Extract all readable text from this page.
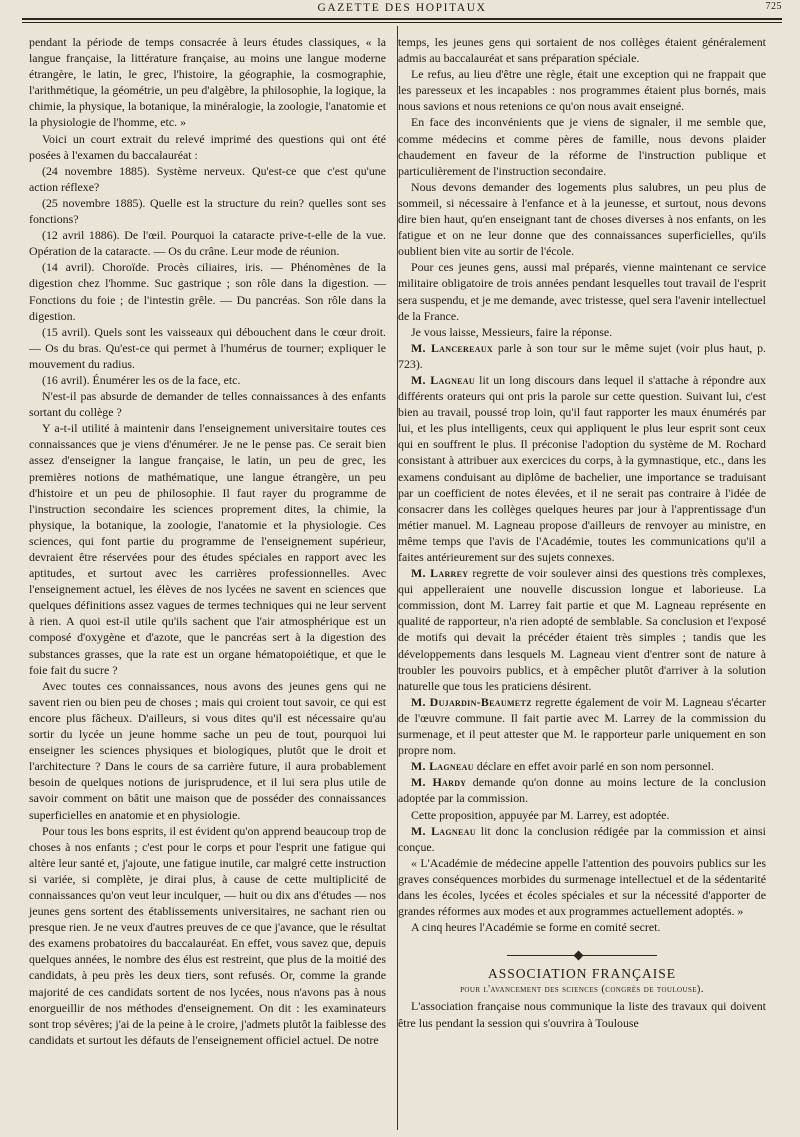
GAZETTE DES HOPITAUX	725

pendant la période de temps consacrée à leurs études classiques, « la langue française, la littérature française, au moins une langue moderne étrangère, le latin, le grec, l'histoire, la géographie, la cosmographie, l'arithmétique, la géométrie, un peu d'algèbre, la philosophie, la logique, la chimie, la physique, la botanique, la minéralogie, la zoologie, l'anatomie et la physiologie de l'homme, etc. »

Voici un court extrait du relevé imprimé des questions qui ont été posées à l'examen du baccalauréat :

(24 novembre 1885). Système nerveux. Qu'est-ce que c'est qu'une action réflexe?

(25 novembre 1885). Quelle est la structure du rein? quelles sont ses fonctions?

(12 avril 1886). De l'œil. Pourquoi la cataracte prive-t-elle de la vue. Opération de la cataracte. — Os du crâne. Leur mode de réunion.

(14 avril). Choroïde. Procès ciliaires, iris. — Phénomènes de la digestion chez l'homme. Suc gastrique ; son rôle dans la digestion. — Fonctions du foie ; de l'intestin grêle. — Du pancréas. Son rôle dans la digestion.

(15 avril). Quels sont les vaisseaux qui débouchent dans le cœur droit. — Os du bras. Qu'est-ce qui permet à l'humérus de tourner; expliquer le mouvement du radius.

(16 avril). Énumérer les os de la face, etc.

N'est-il pas absurde de demander de telles connaissances à des enfants sortant du collège ?

Y a-t-il utilité à maintenir dans l'enseignement universitaire toutes ces connaissances que je viens d'énumérer. Je ne le pense pas. Ce serait bien assez d'enseigner la langue française, le latin, un peu de grec, les premières notions de mathématique, une langue étrangère, un peu d'histoire et un peu de philosophie. Il faut rayer du programme de l'instruction secondaire les sciences proprement dites, la chimie, la physique, la botanique, la zoologie, l'anatomie et la physiologie. Ces sciences, qui font partie du programme de l'enseignement supérieur, devraient être réservées pour des études spéciales en rapport avec les aptitudes, et surtout avec les carrières professionnelles. Avec l'enseignement actuel, les élèves de nos lycées ne savent en sciences que quelques définitions assez vagues de termes techniques qui ne leur servent à rien. A quoi est-il utile qu'ils sachent que l'air atmosphérique est un composé d'oxygène et d'azote, que le pancréas sert à la digestion des substances grasses, que la rate est un organe hématopoiétique, et que le foie fait du sucre ?

Avec toutes ces connaissances, nous avons des jeunes gens qui ne savent rien ou bien peu de choses ; mais qui croient tout savoir, ce qui est encore plus fâcheux. D'ailleurs, si vous dites qu'il est nécessaire qu'au sortir du lycée un jeune homme sache un peu de tout, pourquoi lui enseigner les sciences physiques et biologiques, plutôt que le droit et l'architecture ? Dans le cours de sa carrière future, il aura probablement besoin de quelques notions de jurisprudence, et il lui sera plus utile de savoir comment on bâtit une maison que de posséder des connaissances superficielles en anatomie et en physiologie.

Pour tous les bons esprits, il est évident qu'on apprend beaucoup trop de choses à nos enfants ; c'est pour le corps et pour l'esprit une fatigue qui altère leur santé et, j'ajoute, une fatigue inutile, car malgré cette instruction si variée, si complète, je dirai plus, à cause de cette multiplicité de connaissances qu'on veut leur inculquer, — huit ou dix ans d'études — nos jeunes gens sortent des établissements universitaires, ne sachant rien ou presque rien. Je ne veux d'autres preuves de ce que j'avance, que le résultat des examens probatoires du baccalauréat. En effet, vous savez que, depuis quelques années, le nombre des élus est restreint, que plus de la moitié des candidats, à peu près les deux tiers, sont refusés. Or, comme la grande majorité de ces candidats sortent de nos lycées, nous n'avons pas à nous enorgueillir de nos méthodes d'enseignement. On dit : les examinateurs sont trop sévères; j'ai de la peine à le croire, j'admets plutôt la faiblesse des candidats et surtout les défauts de l'enseignement officiel actuel. De notre

temps, les jeunes gens qui sortaient de nos collèges étaient généralement admis au baccalauréat et sans préparation spéciale.

Le refus, au lieu d'être une règle, était une exception qui ne frappait que les paresseux et les incapables : nos programmes étaient plus bornés, mais nous savions et nous retenions ce qu'on nous avait enseigné.

En face des inconvénients que je viens de signaler, il me semble que, comme médecins et comme pères de famille, nous devons plaider chaudement en faveur de la réforme de l'instruction publique et particulièrement de l'instruction secondaire.

Nous devons demander des logements plus salubres, un peu plus de sommeil, si nécessaire à l'enfance et à la jeunesse, et surtout, nous devons dire bien haut, qu'en enseignant tant de choses diverses à nos enfants, on les fatigue et on ne leur donne que des connaissances superficielles, qu'ils oublient bien vite au sortir de l'école.

Pour ces jeunes gens, aussi mal préparés, vienne maintenant ce service militaire obligatoire de trois années pendant lesquelles tout travail de l'esprit sera suspendu, et je me demande, avec tristesse, quel sera l'avenir intellectuel de la France.

Je vous laisse, Messieurs, faire la réponse.

M. Lancereaux parle à son tour sur le même sujet (voir plus haut, p. 723).

M. Lagneau lit un long discours dans lequel il s'attache à répondre aux différents orateurs qui ont pris la parole sur cette question. Suivant lui, c'est bien au travail, poussé trop loin, qu'il faut rapporter les maux énumérés par lui, et les plus intelligents, ceux qui appliquent le plus leur esprit sont ceux qui en souffrent le plus. Il préconise l'adoption du système de M. Rochard consistant à attribuer aux exercices du corps, à la gymnastique, etc., dans les examens conduisant au diplôme de bachelier, une importance se traduisant par un coefficient de notes élevées, et il ne serait pas contraire à l'idée de consacrer dans les collèges quelques heures par jour à l'apprentissage d'un métier manuel. M. Lagneau propose d'ailleurs de renvoyer au ministre, en même temps que l'avis de l'Académie, toutes les communications qu'il a faites antérieurement sur des sujets connexes.

M. Larrey regrette de voir soulever ainsi des questions très complexes, qui appelleraient une nouvelle discussion longue et laborieuse. La commission, dont M. Larrey fait partie et que M. Lagneau représente en qualité de rapporteur, n'a rien adopté de semblable. Sa conclusion et l'exposé de motifs qui devait la précéder étaient très simples ; tandis que les développements dans lesquels M. Lagneau vient d'entrer sont de nature à troubler les pouvoirs publics, et à empêcher plutôt d'arriver à la solution naturelle que tous les praticiens désirent.

M. Dujardin-Beaumetz regrette également de voir M. Lagneau s'écarter de l'œuvre commune. Il fait partie avec M. Larrey de la commission du surmenage, et il peut attester que M. le rapporteur parle uniquement en son propre nom.

M. Lagneau déclare en effet avoir parlé en son nom personnel.

M. Hardy demande qu'on donne au moins lecture de la conclusion adoptée par la commission.

Cette proposition, appuyée par M. Larrey, est adoptée.

M. Lagneau lit donc la conclusion rédigée par la commission et ainsi conçue.

« L'Académie de médecine appelle l'attention des pouvoirs publics sur les graves conséquences morbides du surmenage intellectuel et de la sédentarité dans les écoles, lycées et écoles spéciales et sur la nécessité d'apporter de grandes réformes aux modes et aux programmes actuellement adoptés. »

A cinq heures l'Académie se forme en comité secret.

ASSOCIATION FRANÇAISE

pour l'avancement des sciences (congrès de toulouse).

L'association française nous communique la liste des travaux qui doivent être lus pendant la session qui s'ouvrira à Toulouse
